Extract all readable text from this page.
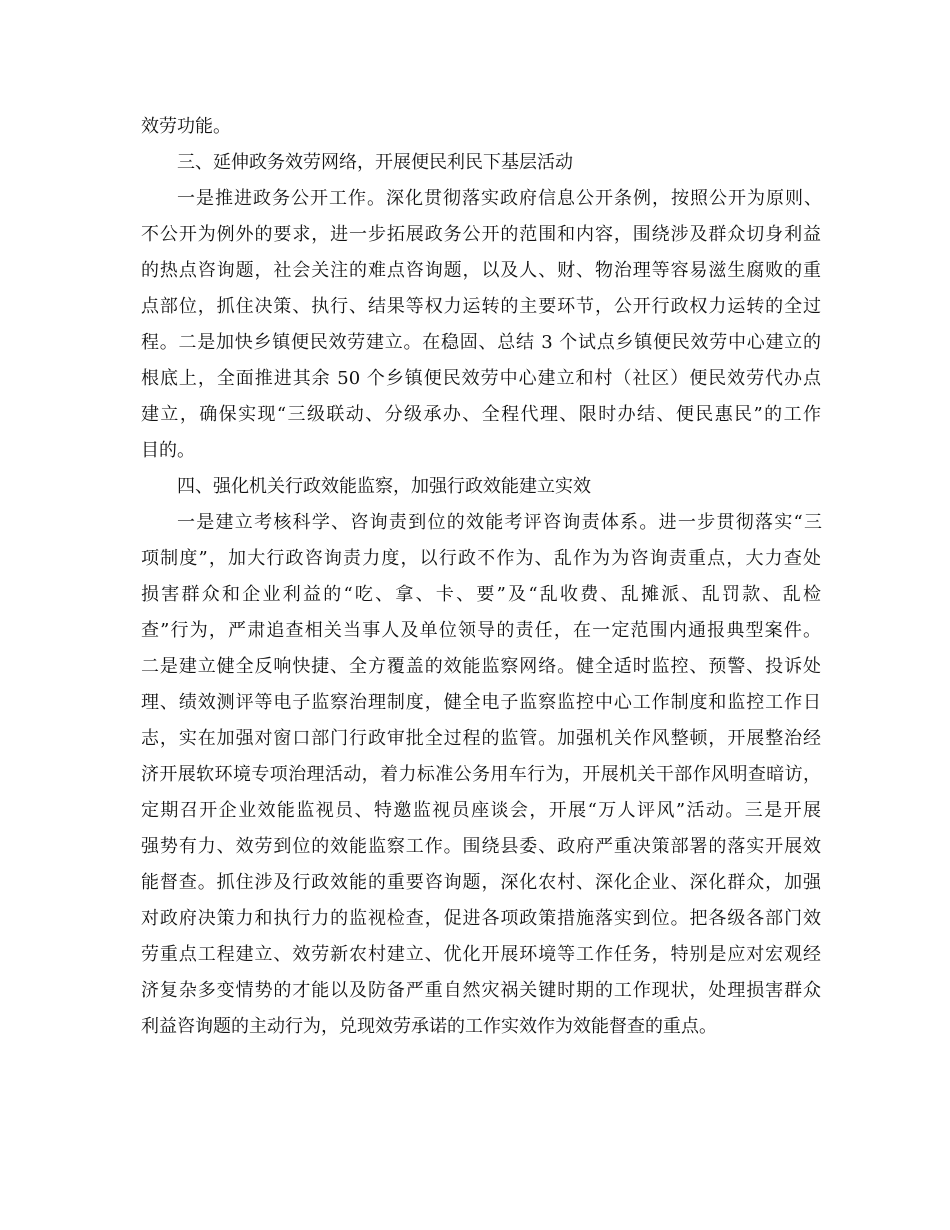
效劳功能。
三、延伸政务效劳网络，开展便民利民下基层活动
一是推进政务公开工作。深化贯彻落实政府信息公开条例，按照公开为原则、
不公开为例外的要求，进一步拓展政务公开的范围和内容，围绕涉及群众切身利益
的热点咨询题，社会关注的难点咨询题，以及人、财、物治理等容易滋生腐败的重
点部位，抓住决策、执行、结果等权力运转的主要环节，公开行政权力运转的全过
程。二是加快乡镇便民效劳建立。在稳固、总结 3 个试点乡镇便民效劳中心建立的
根底上，全面推进其余 50 个乡镇便民效劳中心建立和村（社区）便民效劳代办点
建立，确保实现“三级联动、分级承办、全程代理、限时办结、便民惠民”的工作
目的。
四、强化机关行政效能监察，加强行政效能建立实效
一是建立考核科学、咨询责到位的效能考评咨询责体系。进一步贯彻落实“三
项制度”，加大行政咨询责力度，以行政不作为、乱作为为咨询责重点，大力查处
损害群众和企业利益的“吃、拿、卡、要”及“乱收费、乱摊派、乱罚款、乱检
查”行为，严肃追查相关当事人及单位领导的责任，在一定范围内通报典型案件。
二是建立健全反响快捷、全方覆盖的效能监察网络。健全适时监控、预警、投诉处
理、绩效测评等电子监察治理制度，健全电子监察监控中心工作制度和监控工作日
志，实在加强对窗口部门行政审批全过程的监管。加强机关作风整顿，开展整治经
济开展软环境专项治理活动，着力标准公务用车行为，开展机关干部作风明查暗访，
定期召开企业效能监视员、特邀监视员座谈会，开展“万人评风”活动。三是开展
强势有力、效劳到位的效能监察工作。围绕县委、政府严重决策部署的落实开展效
能督查。抓住涉及行政效能的重要咨询题，深化农村、深化企业、深化群众，加强
对政府决策力和执行力的监视检查，促进各项政策措施落实到位。把各级各部门效
劳重点工程建立、效劳新农村建立、优化开展环境等工作任务，特别是应对宏观经
济复杂多变情势的才能以及防备严重自然灾祸关键时期的工作现状，处理损害群众
利益咨询题的主动行为，兑现效劳承诺的工作实效作为效能督查的重点。
